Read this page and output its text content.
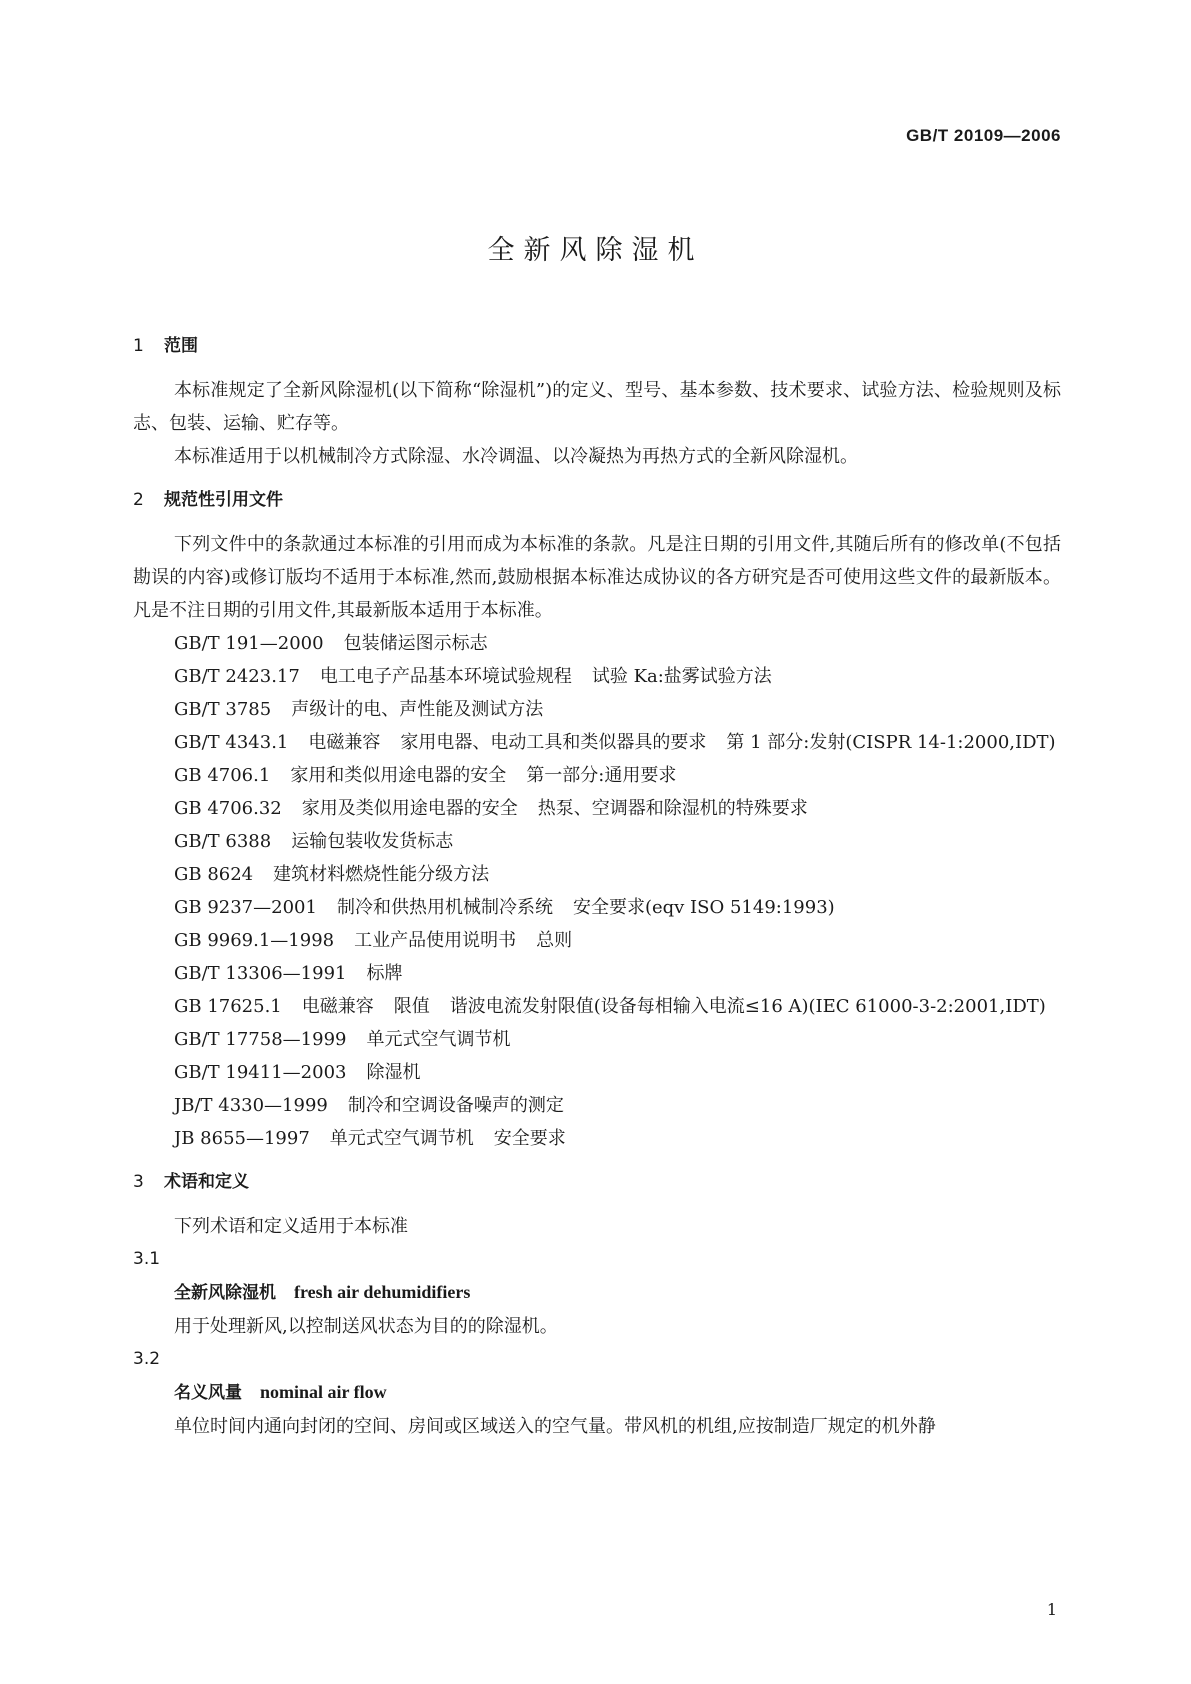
GB/T 20109—2006
全新风除湿机
1 范围

本标准规定了全新风除湿机(以下简称“除湿机”)的定义、型号、基本参数、技术要求、试验方法、检验规则及标志、包装、运输、贮存等。

本标准适用于以机械制冷方式除湿、水冷调温、以冷凝热为再热方式的全新风除湿机。

2 规范性引用文件

下列文件中的条款通过本标准的引用而成为本标准的条款。凡是注日期的引用文件,其随后所有的修改单(不包括勘误的内容)或修订版均不适用于本标准,然而,鼓励根据本标准达成协议的各方研究是否可使用这些文件的最新版本。凡是不注日期的引用文件,其最新版本适用于本标准。

GB/T 191—2000 包装储运图示标志
GB/T 2423.17 电工电子产品基本环境试验规程 试验 Ka:盐雾试验方法
GB/T 3785 声级计的电、声性能及测试方法
GB/T 4343.1 电磁兼容 家用电器、电动工具和类似器具的要求 第 1 部分:发射(CISPR 14-1:2000,IDT)
GB 4706.1 家用和类似用途电器的安全 第一部分:通用要求
GB 4706.32 家用及类似用途电器的安全 热泵、空调器和除湿机的特殊要求
GB/T 6388 运输包装收发货标志
GB 8624 建筑材料燃烧性能分级方法
GB 9237—2001 制冷和供热用机械制冷系统 安全要求(eqv ISO 5149:1993)
GB 9969.1—1998 工业产品使用说明书 总则
GB/T 13306—1991 标牌
GB 17625.1 电磁兼容 限值 谐波电流发射限值(设备每相输入电流≤16 A)(IEC 61000-3-2:2001,IDT)
GB/T 17758—1999 单元式空气调节机
GB/T 19411—2003 除湿机
JB/T 4330—1999 制冷和空调设备噪声的测定
JB 8655—1997 单元式空气调节机 安全要求
3 术语和定义

下列术语和定义适用于本标准

3.1
全新风除湿机 fresh air dehumidifiers

用于处理新风,以控制送风状态为目的的除湿机。

3.2
名义风量 nominal air flow

单位时间内通向封闭的空间、房间或区域送入的空气量。带风机的机组,应按制造厂规定的机外静

1
